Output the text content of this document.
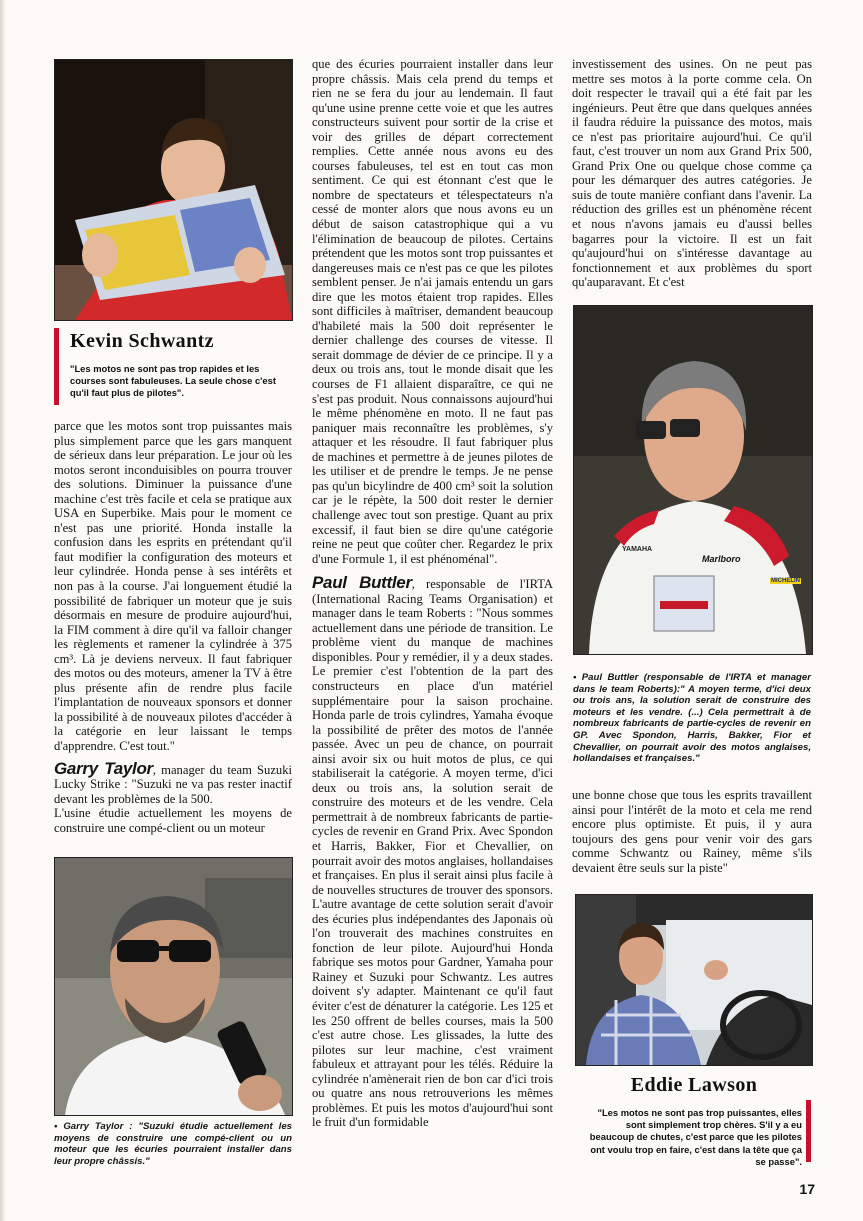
Kevin Schwantz
"Les motos ne sont pas trop rapides et les courses sont fabuleuses. La seule chose c'est qu'il faut plus de pilotes".

parce que les motos sont trop puissantes mais plus simplement parce que les gars manquent de sérieux dans leur préparation. Le jour où les motos seront inconduisibles on pourra trouver des solutions. Diminuer la puissance d'une machine c'est très facile et cela se pratique aux USA en Superbike. Mais pour le moment ce n'est pas une priorité. Honda installe la confusion dans les esprits en prétendant qu'il faut modifier la configuration des moteurs et leur cylindrée. Honda pense à ses intérêts et non pas à la course. J'ai longuement étudié la possibilité de fabriquer un moteur que je suis désormais en mesure de produire aujourd'hui, la FIM comment à dire qu'il va falloir changer les règlements et ramener la cylindrée à 375 cm³. Là je deviens nerveux. Il faut fabriquer des motos ou des moteurs, amener la TV à être plus présente afin de rendre plus facile l'implantation de nouveaux sponsors et donner la possibilité à de nouveaux pilotes d'accéder à la catégorie en leur laissant le temps d'apprendre. C'est tout."

Garry Taylor, manager du team Suzuki Lucky Strike : "Suzuki ne va pas rester inactif devant les problèmes de la 500.

L'usine étudie actuellement les moyens de construire une compé-client ou un moteur

• Garry Taylor : "Suzuki étudie actuellement les moyens de construire une compé-client ou un moteur que les écuries pourraient installer dans leur propre châssis."

que des écuries pourraient installer dans leur propre châssis. Mais cela prend du temps et rien ne se fera du jour au lendemain. Il faut qu'une usine prenne cette voie et que les autres constructeurs suivent pour sortir de la crise et voir des grilles de départ correctement remplies. Cette année nous avons eu des courses fabuleuses, tel est en tout cas mon sentiment. Ce qui est étonnant c'est que le nombre de spectateurs et télespectateurs n'a cessé de monter alors que nous avons eu un début de saison catastrophique qui a vu l'élimination de beaucoup de pilotes. Certains prétendent que les motos sont trop puissantes et dangereuses mais ce n'est pas ce que les pilotes semblent penser. Je n'ai jamais entendu un gars dire que les motos étaient trop rapides. Elles sont difficiles à maîtriser, demandent beaucoup d'habileté mais la 500 doit représenter le dernier challenge des courses de vitesse. Il serait dommage de dévier de ce principe. Il y a deux ou trois ans, tout le monde disait que les courses de F1 allaient disparaître, ce qui ne s'est pas produit. Nous connaissons aujourd'hui le même phénomène en moto. Il ne faut pas paniquer mais reconnaître les problèmes, s'y attaquer et les résoudre. Il faut fabriquer plus de machines et permettre à de jeunes pilotes de les utiliser et de prendre le temps. Je ne pense pas qu'un bicylindre de 400 cm³ soit la solution car je le répète, la 500 doit rester le dernier challenge avec tout son prestige. Quant au prix excessif, il faut bien se dire qu'une catégorie reine ne peut que coûter cher. Regardez le prix d'une Formule 1, il est phénoménal".

Paul Buttler, responsable de l'IRTA (International Racing Teams Organisation) et manager dans le team Roberts : "Nous sommes actuellement dans une période de transition. Le problème vient du manque de machines disponibles. Pour y remédier, il y a deux stades. Le premier c'est l'obtention de la part des constructeurs en place d'un matériel supplémentaire pour la saison prochaine. Honda parle de trois cylindres, Yamaha évoque la possibilité de prêter des motos de l'année passée. Avec un peu de chance, on pourrait ainsi avoir six ou huit motos de plus, ce qui stabiliserait la catégorie. A moyen terme, d'ici deux ou trois ans, la solution serait de construire des moteurs et de les vendre. Cela permettrait à de nombreux fabricants de partie-cycles de revenir en Grand Prix. Avec Spondon et Harris, Bakker, Fior et Chevallier, on pourrait avoir des motos anglaises, hollandaises et françaises. En plus il serait ainsi plus facile à de nouvelles structures de trouver des sponsors. L'autre avantage de cette solution serait d'avoir des écuries plus indépendantes des Japonais où l'on trouverait des machines construites en fonction de leur pilote. Aujourd'hui Honda fabrique ses motos pour Gardner, Yamaha pour Rainey et Suzuki pour Schwantz. Les autres doivent s'y adapter. Maintenant ce qu'il faut éviter c'est de dénaturer la catégorie. Les 125 et les 250 offrent de belles courses, mais la 500 c'est autre chose. Les glissades, la lutte des pilotes sur leur machine, c'est vraiment fabuleux et attrayant pour les télés. Réduire la cylindrée n'amènerait rien de bon car d'ici trois ou quatre ans nous retrouverions les mêmes problèmes. Et puis les motos d'aujourd'hui sont le fruit d'un formidable

investissement des usines. On ne peut pas mettre ses motos à la porte comme cela. On doit respecter le travail qui a été fait par les ingénieurs. Peut être que dans quelques années il faudra réduire la puissance des motos, mais ce n'est pas prioritaire aujourd'hui. Ce qu'il faut, c'est trouver un nom aux Grand Prix 500, Grand Prix One ou quelque chose comme ça pour les démarquer des autres catégories. Je suis de toute manière confiant dans l'avenir. La réduction des grilles est un phénomène récent et nous n'avons jamais eu d'aussi belles bagarres pour la victoire. Il est un fait qu'aujourd'hui on s'intéresse davantage au fonctionnement et aux problèmes du sport qu'auparavant. Et c'est

YAMAHA
Marlboro
MICHELIN
• Paul Buttler (responsable de l'IRTA et manager dans le team Roberts):" A moyen terme, d'ici deux ou trois ans, la solution serait de construire des moteurs et les vendre. (...) Cela permettrait à de nombreux fabricants de partie-cycles de revenir en GP. Avec Spondon, Harris, Bakker, Fior et Chevallier, on pourrait avoir des motos anglaises, hollandaises et françaises."

une bonne chose que tous les esprits travaillent ainsi pour l'intérêt de la moto et cela me rend encore plus optimiste. Et puis, il y aura toujours des gens pour venir voir des gars comme Schwantz ou Rainey, même s'ils devaient être seuls sur la piste"

Eddie Lawson
"Les motos ne sont pas trop puissantes, elles sont simplement trop chères. S'il y a eu beaucoup de chutes, c'est parce que les pilotes ont voulu trop en faire, c'est dans la tête que ça se passe".
17
